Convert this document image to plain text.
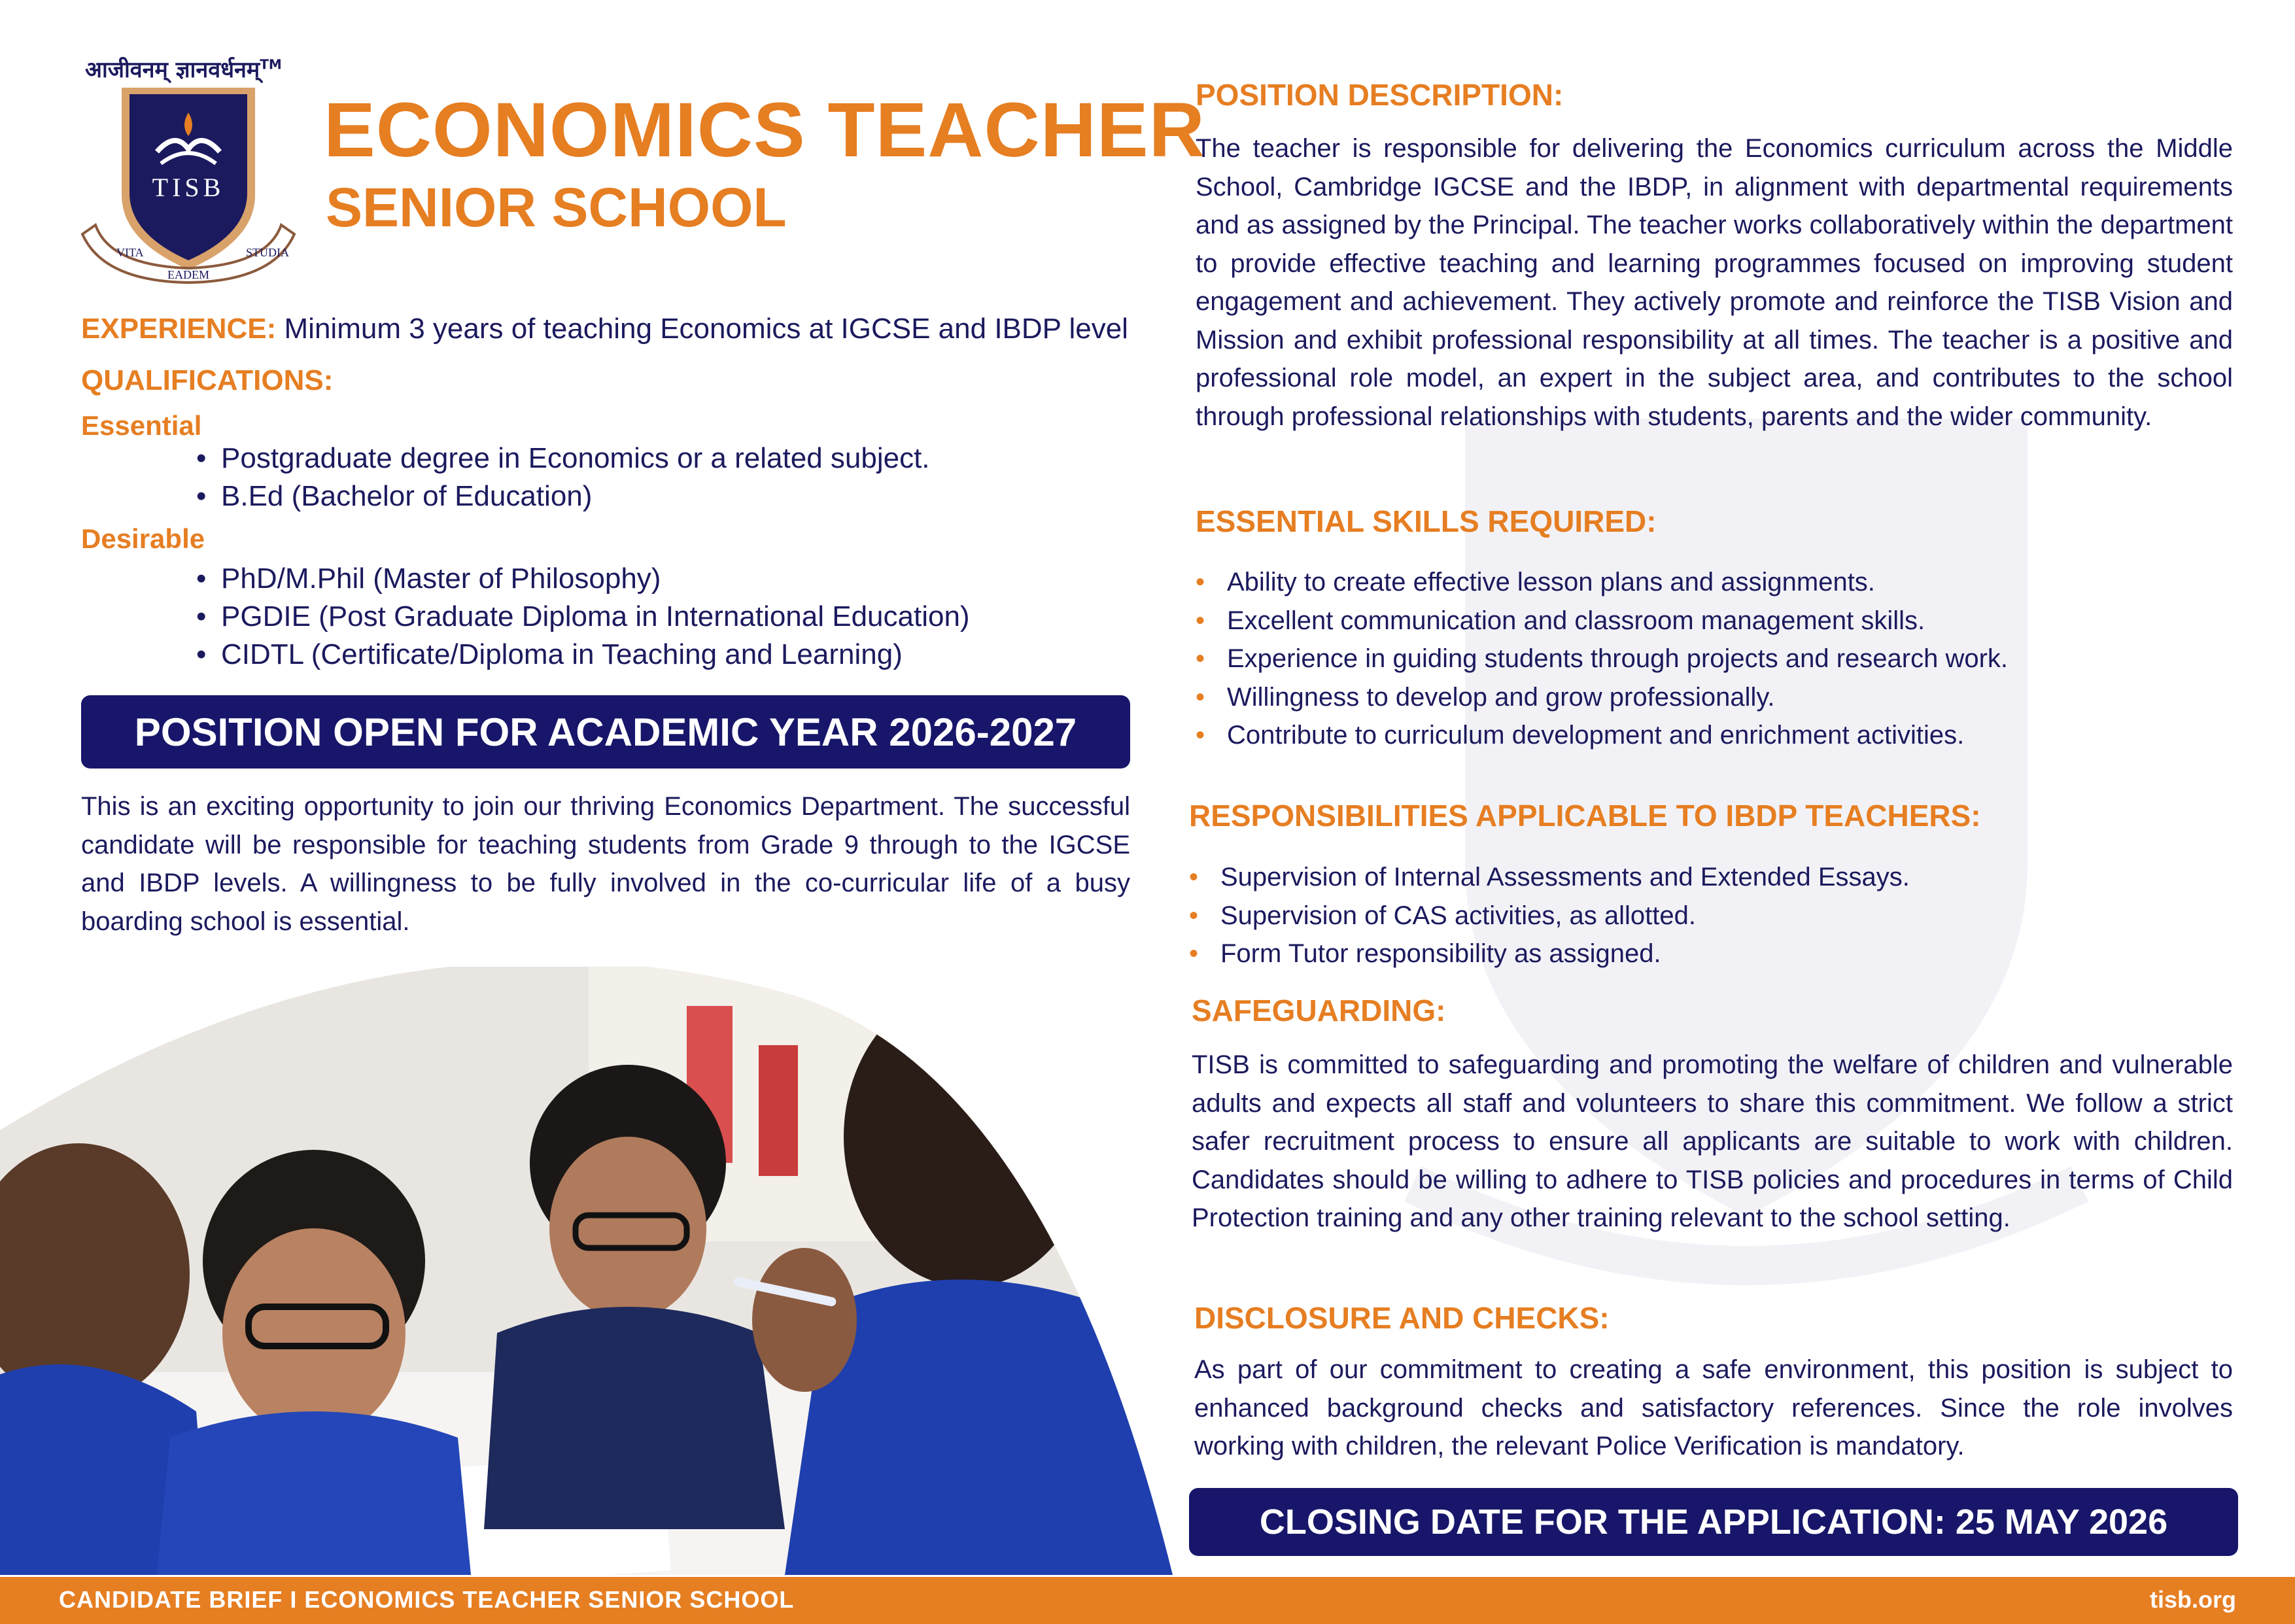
आजीवनम् ज्ञानवर्धनम्™
TISB
VITA
EADEM
STUDIA
ECONOMICS TEACHER
SENIOR SCHOOL
EXPERIENCE: Minimum 3 years of teaching Economics at IGCSE and IBDP level
QUALIFICATIONS:
Essential
• Postgraduate degree in Economics or a related subject.
• B.Ed (Bachelor of Education)
Desirable
• PhD/M.Phil (Master of Philosophy)
• PGDIE (Post Graduate Diploma in International Education)
• CIDTL (Certificate/Diploma in Teaching and Learning)
POSITION OPEN FOR ACADEMIC YEAR 2026-2027
This is an exciting opportunity to join our thriving Economics Department. The successful candidate will be responsible for teaching students from Grade 9 through to the IGCSE and IBDP levels. A willingness to be fully involved in the co-curricular life of a busy boarding school is essential.
POSITION DESCRIPTION:
The teacher is responsible for delivering the Economics curriculum across the Middle School, Cambridge IGCSE and the IBDP, in alignment with departmental requirements and as assigned by the Principal. The teacher works collaboratively within the department to provide effective teaching and learning programmes focused on improving student engagement and achievement. They actively promote and reinforce the TISB Vision and Mission and exhibit professional responsibility at all times. The teacher is a positive and professional role model, an expert in the subject area, and contributes to the school through professional relationships with students, parents and the wider community.
ESSENTIAL SKILLS REQUIRED:
• Ability to create effective lesson plans and assignments.
• Excellent communication and classroom management skills.
• Experience in guiding students through projects and research work.
• Willingness to develop and grow professionally.
• Contribute to curriculum development and enrichment activities.
RESPONSIBILITIES APPLICABLE TO IBDP TEACHERS:
• Supervision of Internal Assessments and Extended Essays.
• Supervision of CAS activities, as allotted.
• Form Tutor responsibility as assigned.
SAFEGUARDING:
TISB is committed to safeguarding and promoting the welfare of children and vulnerable adults and expects all staff and volunteers to share this commitment. We follow a strict safer recruitment process to ensure all applicants are suitable to work with children. Candidates should be willing to adhere to TISB policies and procedures in terms of Child Protection training and any other training relevant to the school setting.
DISCLOSURE AND CHECKS:
As part of our commitment to creating a safe environment, this position is subject to enhanced background checks and satisfactory references. Since the role involves working with children, the relevant Police Verification is mandatory.
CLOSING DATE FOR THE APPLICATION: 25 MAY 2026
CANDIDATE BRIEF I ECONOMICS TEACHER SENIOR SCHOOL	tisb.org
